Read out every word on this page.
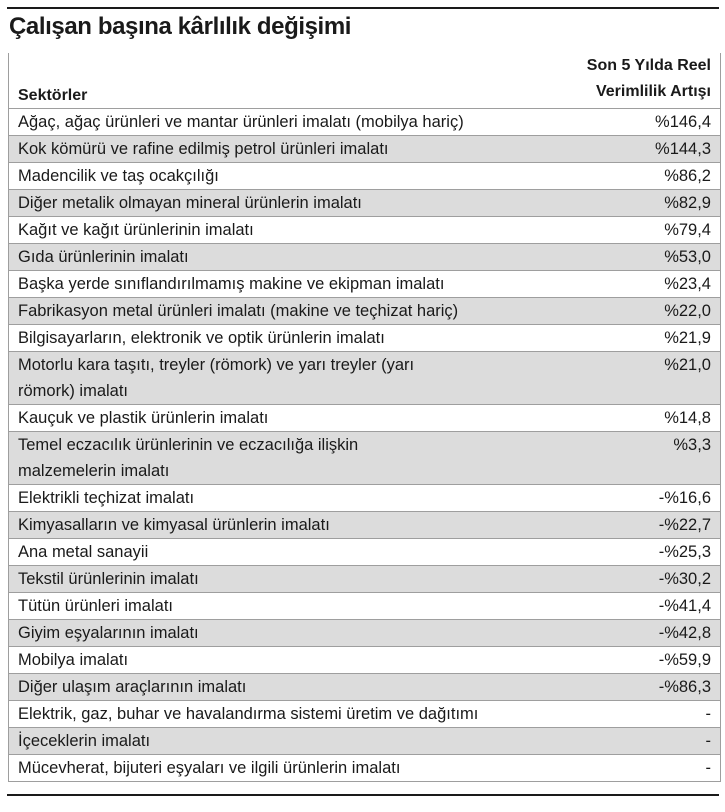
Çalışan başına kârlılık değişimi
Sektörler
Son 5 Yılda Reel
Verimlilik Artışı
Ağaç, ağaç ürünleri ve mantar ürünleri imalatı (mobilya hariç)	%146,4
Kok kömürü ve rafine edilmiş petrol ürünleri imalatı	%144,3
Madencilik ve taş ocakçılığı	%86,2
Diğer metalik olmayan mineral ürünlerin imalatı	%82,9
Kağıt ve kağıt ürünlerinin imalatı	%79,4
Gıda ürünlerinin imalatı	%53,0
Başka yerde sınıflandırılmamış makine ve ekipman imalatı	%23,4
Fabrikasyon metal ürünleri imalatı (makine ve teçhizat hariç)	%22,0
Bilgisayarların, elektronik ve optik ürünlerin imalatı	%21,9
Motorlu kara taşıtı, treyler (römork) ve yarı treyler (yarı römork) imalatı
%21,0
Kauçuk ve plastik ürünlerin imalatı	%14,8
Temel eczacılık ürünlerinin ve eczacılığa ilişkin malzemelerin imalatı
%3,3
Elektrikli teçhizat imalatı	-%16,6
Kimyasalların ve kimyasal ürünlerin imalatı	-%22,7
Ana metal sanayii	-%25,3
Tekstil ürünlerinin imalatı	-%30,2
Tütün ürünleri imalatı	-%41,4
Giyim eşyalarının imalatı	-%42,8
Mobilya imalatı	-%59,9
Diğer ulaşım araçlarının imalatı	-%86,3
Elektrik, gaz, buhar ve havalandırma sistemi üretim ve dağıtımı	-
İçeceklerin imalatı	-
Mücevherat, bijuteri eşyaları ve ilgili ürünlerin imalatı	-
